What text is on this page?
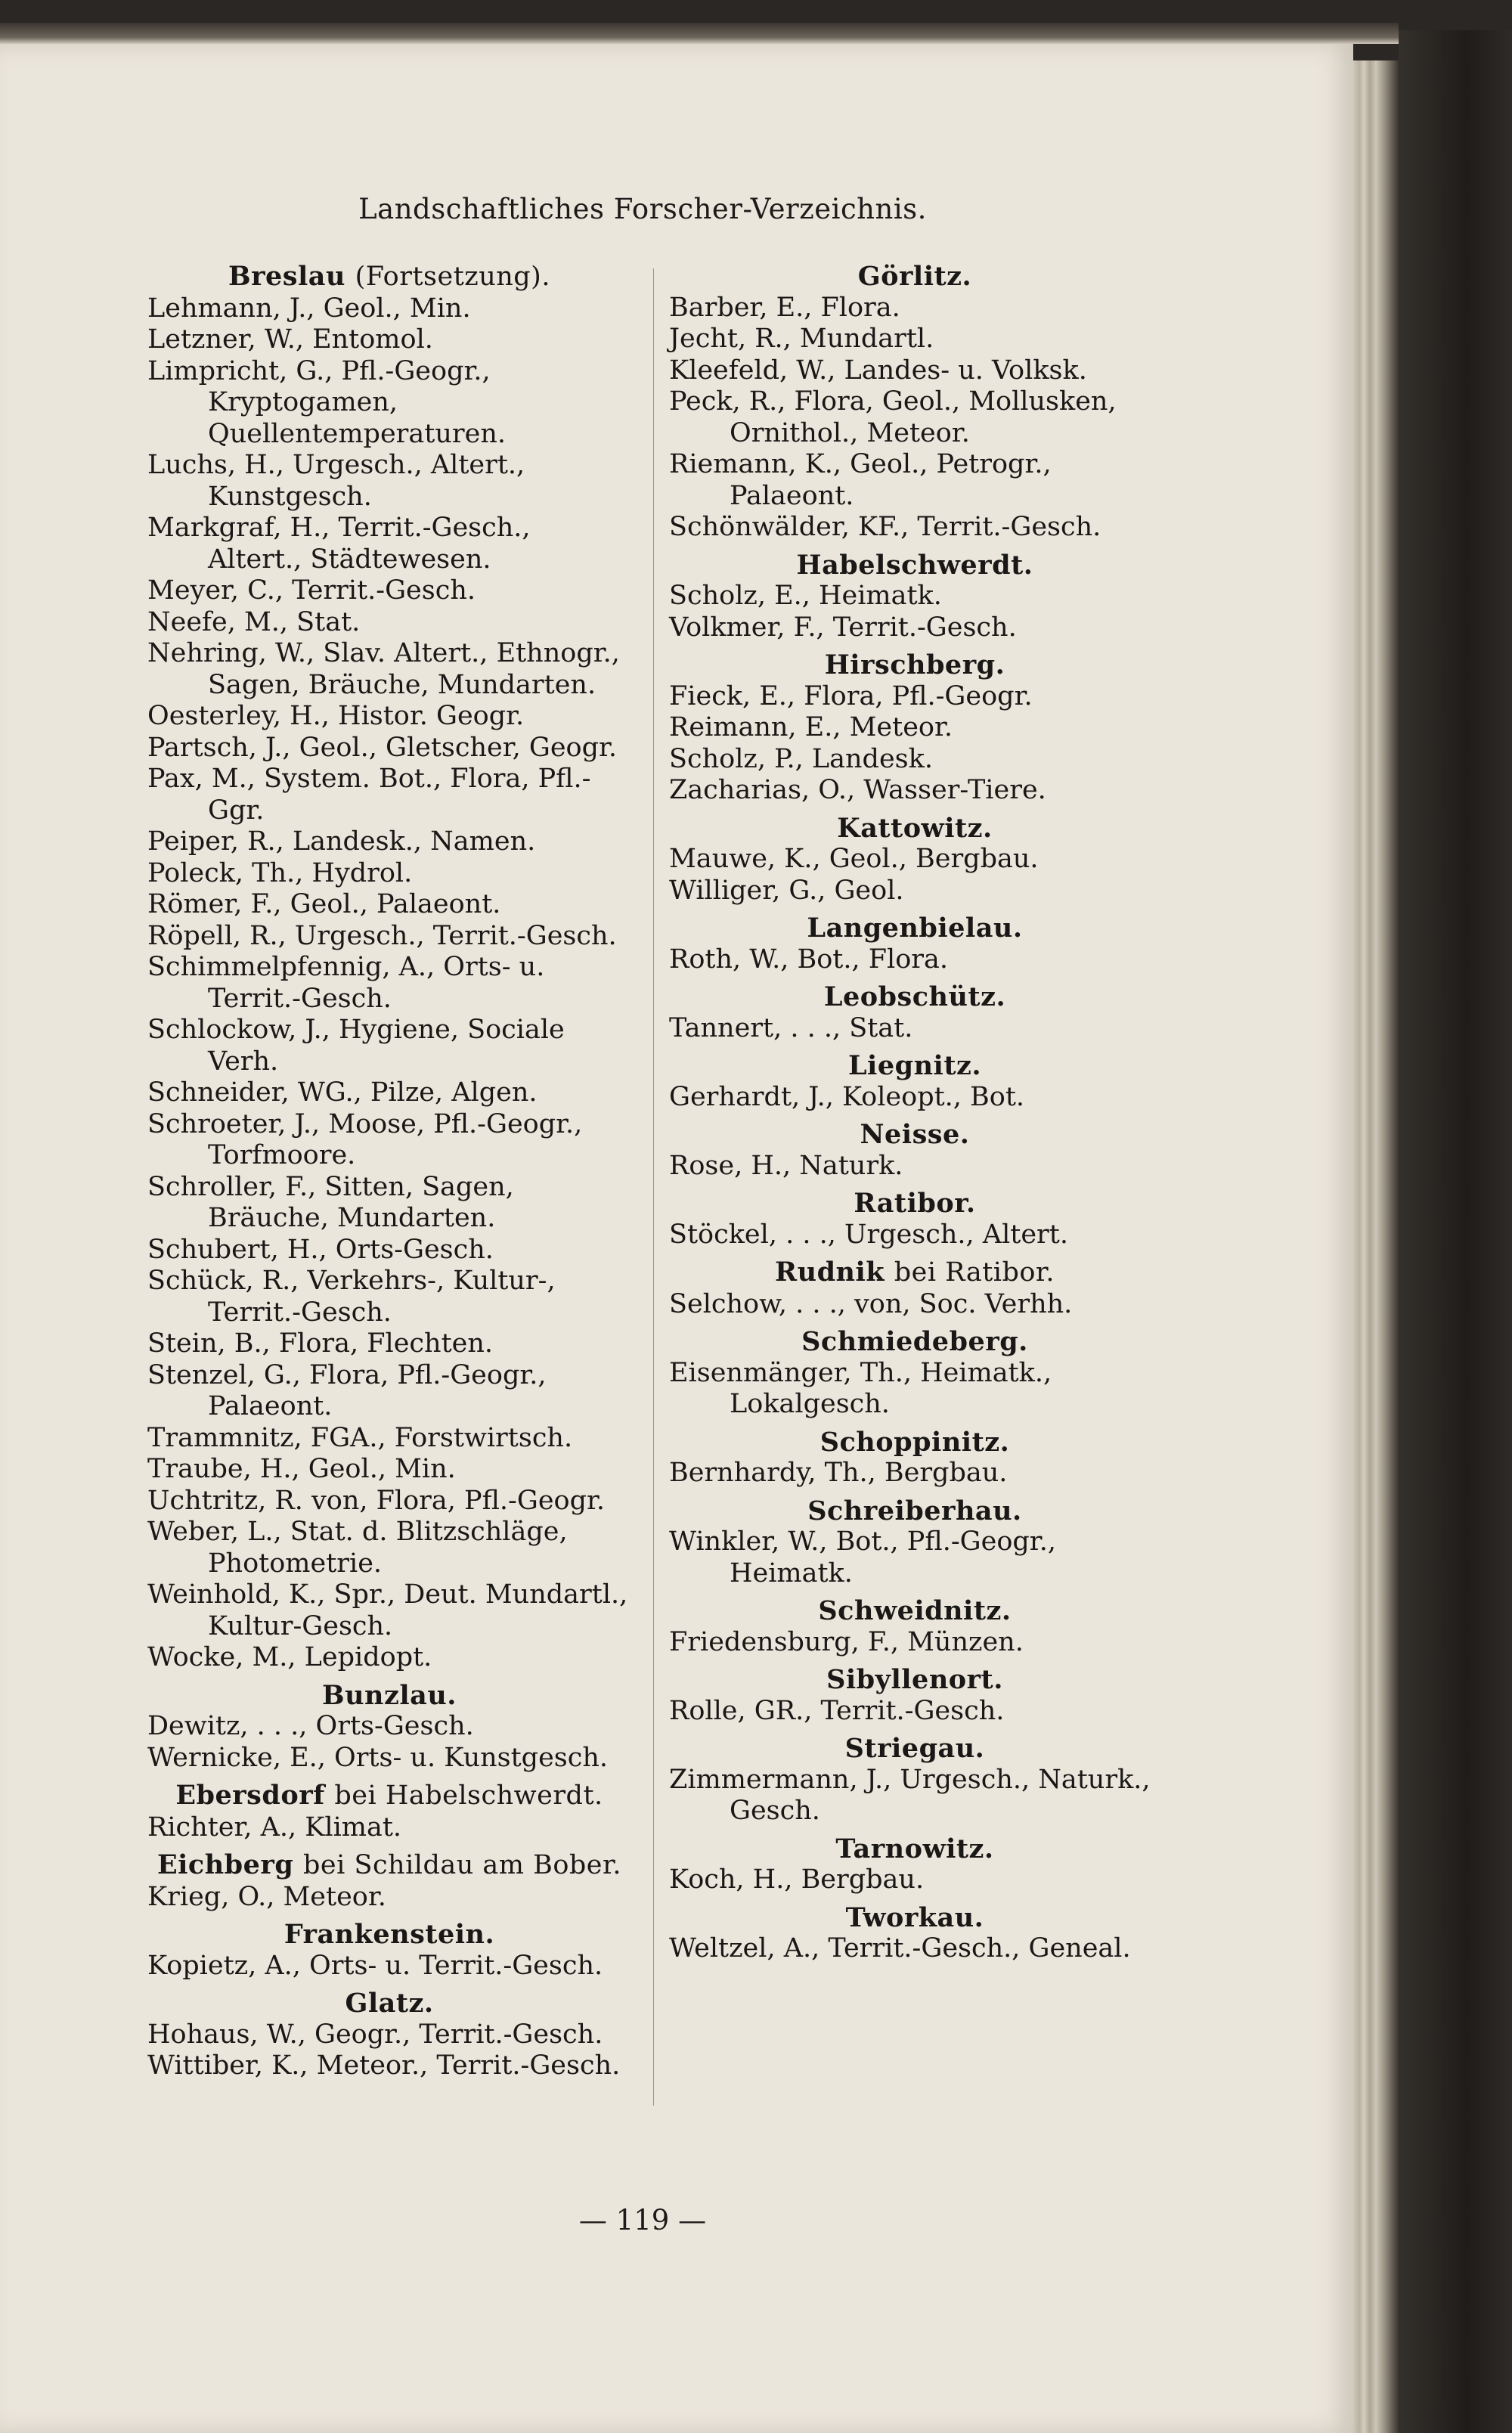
Landschaftliches Forscher-Verzeichnis.
Breslau (Fortsetzung).
Lehmann, J., Geol., Min.
Letzner, W., Entomol.
Limpricht, G., Pfl.-Geogr., Kryptogamen, Quellentemperaturen.
Luchs, H., Urgesch., Altert., Kunstgesch.
Markgraf, H., Territ.-Gesch., Altert., Städtewesen.
Meyer, C., Territ.-Gesch.
Neefe, M., Stat.
Nehring, W., Slav. Altert., Ethnogr., Sagen, Bräuche, Mundarten.
Oesterley, H., Histor. Geogr.
Partsch, J., Geol., Gletscher, Geogr.
Pax, M., System. Bot., Flora, Pfl.-Ggr.
Peiper, R., Landesk., Namen.
Poleck, Th., Hydrol.
Römer, F., Geol., Palaeont.
Röpell, R., Urgesch., Territ.-Gesch.
Schimmelpfennig, A., Orts- u. Territ.-Gesch.
Schlockow, J., Hygiene, Sociale Verh.
Schneider, WG., Pilze, Algen.
Schroeter, J., Moose, Pfl.-Geogr., Torfmoore.
Schroller, F., Sitten, Sagen, Bräuche, Mundarten.
Schubert, H., Orts-Gesch.
Schück, R., Verkehrs-, Kultur-, Territ.-Gesch.
Stein, B., Flora, Flechten.
Stenzel, G., Flora, Pfl.-Geogr., Palaeont.
Trammnitz, FGA., Forstwirtsch.
Traube, H., Geol., Min.
Uchtritz, R. von, Flora, Pfl.-Geogr.
Weber, L., Stat. d. Blitzschläge, Photometrie.
Weinhold, K., Spr., Deut. Mundartl., Kultur-Gesch.
Wocke, M., Lepidopt.
Bunzlau.
Dewitz, . . ., Orts-Gesch.
Wernicke, E., Orts- u. Kunstgesch.
Ebersdorf bei Habelschwerdt.
Richter, A., Klimat.
Eichberg bei Schildau am Bober.
Krieg, O., Meteor.
Frankenstein.
Kopietz, A., Orts- u. Territ.-Gesch.
Glatz.
Hohaus, W., Geogr., Territ.-Gesch.
Wittiber, K., Meteor., Territ.-Gesch.
Görlitz.
Barber, E., Flora.
Jecht, R., Mundartl.
Kleefeld, W., Landes- u. Volksk.
Peck, R., Flora, Geol., Mollusken, Ornithol., Meteor.
Riemann, K., Geol., Petrogr., Palaeont.
Schönwälder, KF., Territ.-Gesch.
Habelschwerdt.
Scholz, E., Heimatk.
Volkmer, F., Territ.-Gesch.
Hirschberg.
Fieck, E., Flora, Pfl.-Geogr.
Reimann, E., Meteor.
Scholz, P., Landesk.
Zacharias, O., Wasser-Tiere.
Kattowitz.
Mauwe, K., Geol., Bergbau.
Williger, G., Geol.
Langenbielau.
Roth, W., Bot., Flora.
Leobschütz.
Tannert, . . ., Stat.
Liegnitz.
Gerhardt, J., Koleopt., Bot.
Neisse.
Rose, H., Naturk.
Ratibor.
Stöckel, . . ., Urgesch., Altert.
Rudnik bei Ratibor.
Selchow, . . ., von, Soc. Verhh.
Schmiedeberg.
Eisenmänger, Th., Heimatk., Lokalgesch.
Schoppinitz.
Bernhardy, Th., Bergbau.
Schreiberhau.
Winkler, W., Bot., Pfl.-Geogr., Heimatk.
Schweidnitz.
Friedensburg, F., Münzen.
Sibyllenort.
Rolle, GR., Territ.-Gesch.
Striegau.
Zimmermann, J., Urgesch., Naturk., Gesch.
Tarnowitz.
Koch, H., Bergbau.
Tworkau.
Weltzel, A., Territ.-Gesch., Geneal.
— 119 —
